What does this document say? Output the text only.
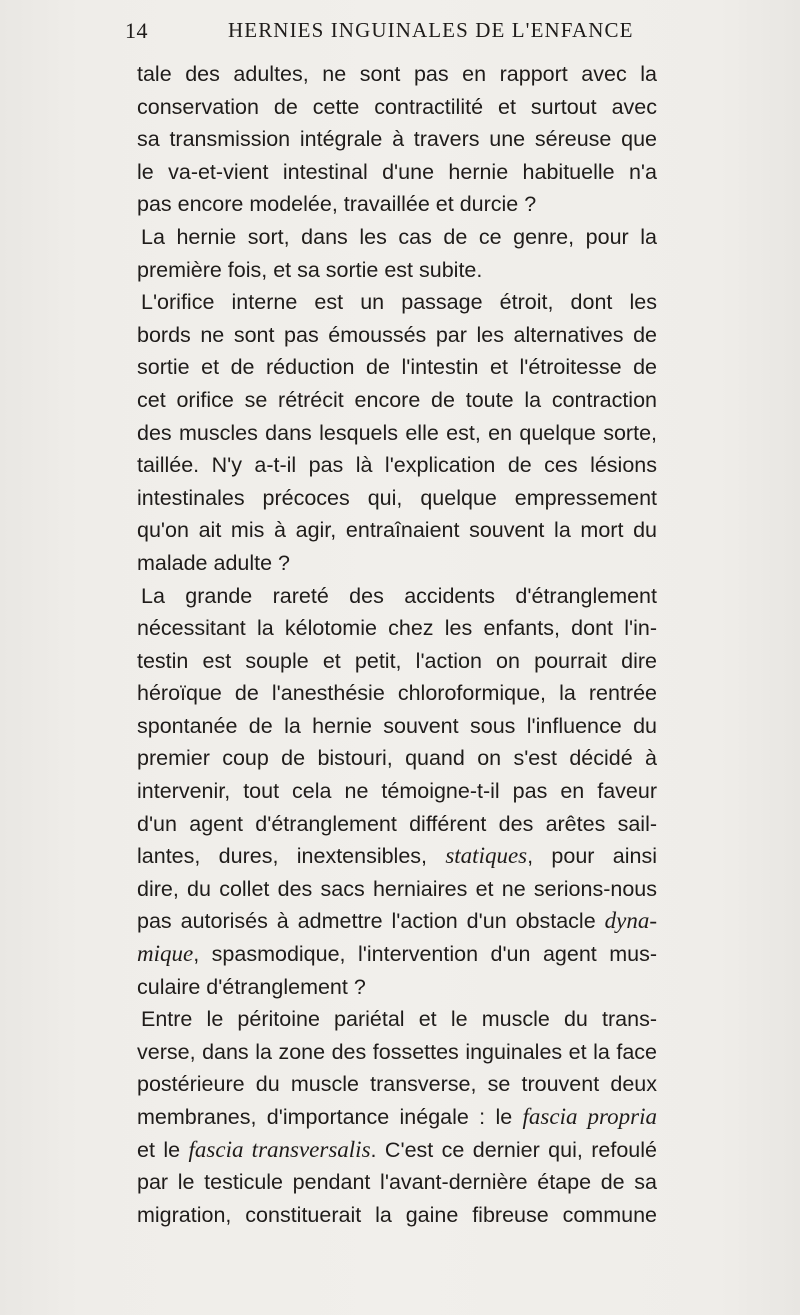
14	HERNIES INGUINALES DE L'ENFANCE
tale des adultes, ne sont pas en rapport avec la
conservation de cette contractilité et surtout avec
sa transmission intégrale à travers une séreuse que
le va-et-vient intestinal d'une hernie habituelle n'a
pas encore modelée, travaillée et durcie ?
La hernie sort, dans les cas de ce genre, pour la
première fois, et sa sortie est subite.
L'orifice interne est un passage étroit, dont les
bords ne sont pas émoussés par les alternatives de
sortie et de réduction de l'intestin et l'étroitesse de
cet orifice se rétrécit encore de toute la contraction
des muscles dans lesquels elle est, en quelque sorte,
taillée. N'y a-t-il pas là l'explication de ces lésions
intestinales précoces qui, quelque empressement
qu'on ait mis à agir, entraînaient souvent la mort du
malade adulte ?
La grande rareté des accidents d'étranglement
nécessitant la kélotomie chez les enfants, dont l'in-
testin est souple et petit, l'action on pourrait dire
héroïque de l'anesthésie chloroformique, la rentrée
spontanée de la hernie souvent sous l'influence du
premier coup de bistouri, quand on s'est décidé à
intervenir, tout cela ne témoigne-t-il pas en faveur
d'un agent d'étranglement différent des arêtes sail-
lantes, dures, inextensibles, statiques, pour ainsi
dire, du collet des sacs herniaires et ne serions-nous
pas autorisés à admettre l'action d'un obstacle dyna-
mique, spasmodique, l'intervention d'un agent mus-
culaire d'étranglement ?
Entre le péritoine pariétal et le muscle du trans-
verse, dans la zone des fossettes inguinales et la face
postérieure du muscle transverse, se trouvent deux
membranes, d'importance inégale : le fascia propria
et le fascia transversalis. C'est ce dernier qui, refoulé
par le testicule pendant l'avant-dernière étape de sa
migration, constituerait la gaine fibreuse commune
